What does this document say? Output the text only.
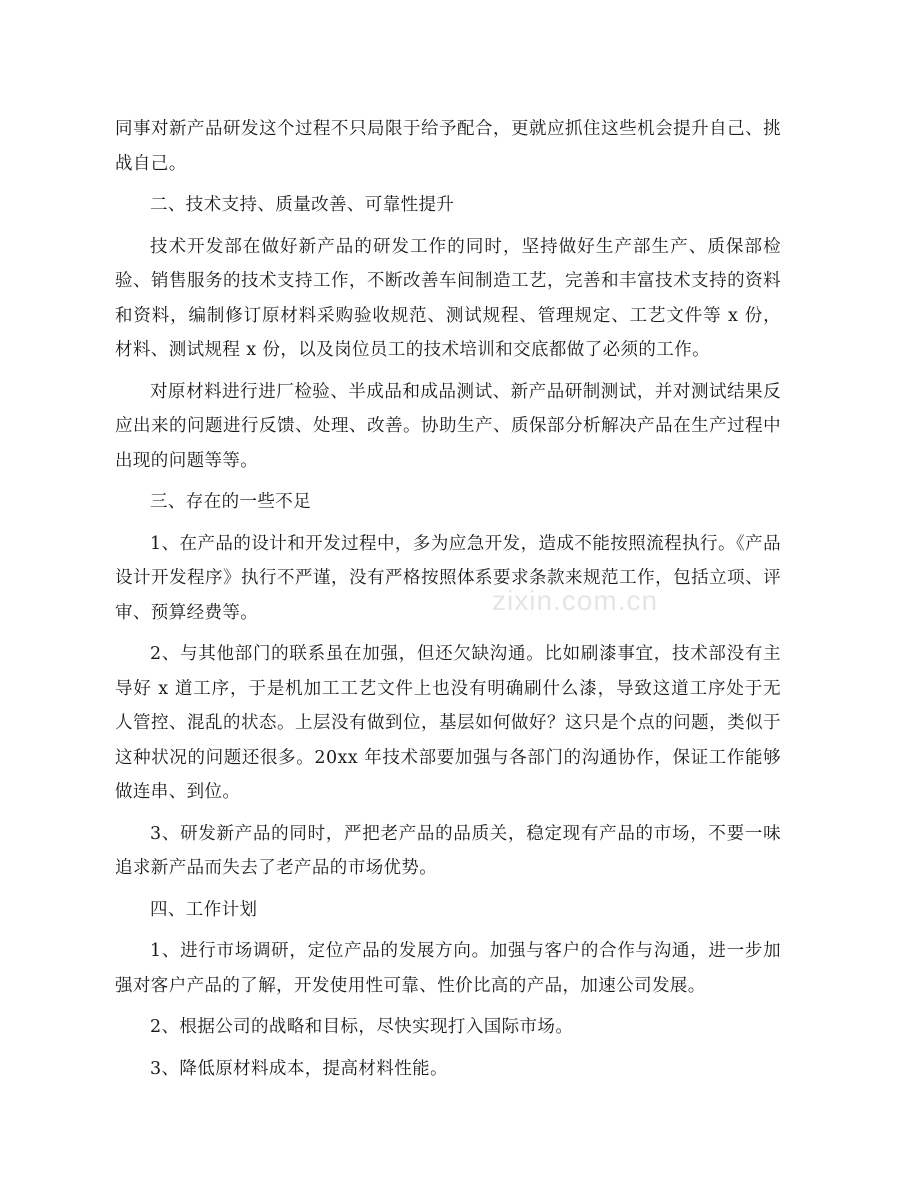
同事对新产品研发这个过程不只局限于给予配合，更就应抓住这些机会提升自己、挑战自己。

二、技术支持、质量改善、可靠性提升

技术开发部在做好新产品的研发工作的同时，坚持做好生产部生产、质保部检验、销售服务的技术支持工作，不断改善车间制造工艺，完善和丰富技术支持的资料和资料，编制修订原材料采购验收规范、测试规程、管理规定、工艺文件等 x 份，材料、测试规程 x 份，以及岗位员工的技术培训和交底都做了必须的工作。

对原材料进行进厂检验、半成品和成品测试、新产品研制测试，并对测试结果反应出来的问题进行反馈、处理、改善。协助生产、质保部分析解决产品在生产过程中出现的问题等等。

三、存在的一些不足

1、在产品的设计和开发过程中，多为应急开发，造成不能按照流程执行。《产品设计开发程序》执行不严谨，没有严格按照体系要求条款来规范工作，包括立项、评审、预算经费等。

2、与其他部门的联系虽在加强，但还欠缺沟通。比如刷漆事宜，技术部没有主导好 x 道工序，于是机加工工艺文件上也没有明确刷什么漆，导致这道工序处于无人管控、混乱的状态。上层没有做到位，基层如何做好？这只是个点的问题，类似于这种状况的问题还很多。20xx 年技术部要加强与各部门的沟通协作，保证工作能够做连串、到位。

3、研发新产品的同时，严把老产品的品质关，稳定现有产品的市场，不要一味追求新产品而失去了老产品的市场优势。

四、工作计划

1、进行市场调研，定位产品的发展方向。加强与客户的合作与沟通，进一步加强对客户产品的了解，开发使用性可靠、性价比高的产品，加速公司发展。

2、根据公司的战略和目标，尽快实现打入国际市场。

3、降低原材料成本，提高材料性能。

zixin.com.cn
